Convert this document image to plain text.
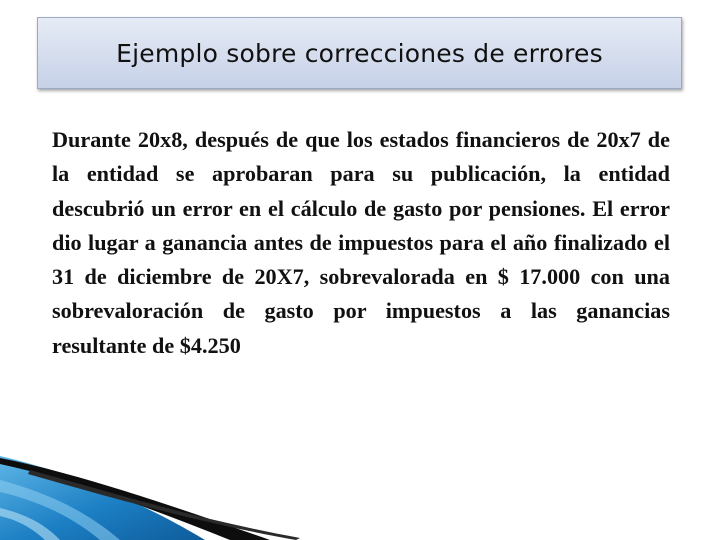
Ejemplo sobre correcciones de errores

Durante 20x8, después de que los estados financieros de 20x7 de la entidad se aprobaran para su publicación, la entidad descubrió un error en el cálculo de gasto por pensiones. El error dio lugar a ganancia antes de impuestos para el año finalizado el 31 de diciembre de 20X7, sobrevalorada en $ 17.000 con una sobrevaloración de gasto por impuestos a las ganancias resultante de $4.250
